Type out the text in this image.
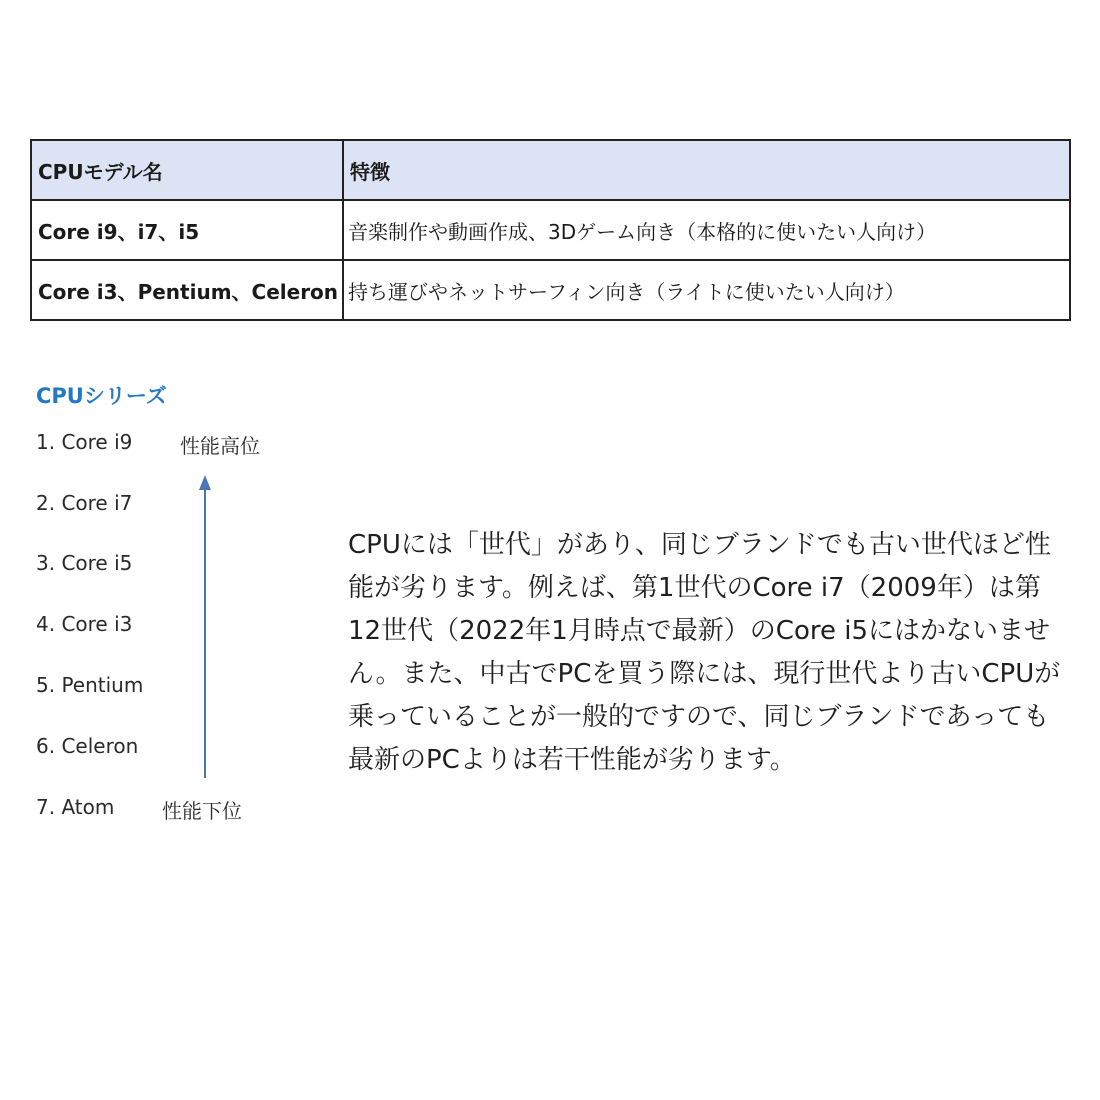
CPUモデル名	特徴
Core i9、i7、i5	音楽制作や動画作成、3Dゲーム向き（本格的に使いたい人向け）
Core i3、Pentium、Celeron	持ち運びやネットサーフィン向き（ライトに使いたい人向け）
CPUシリーズ
1. Core i9
2. Core i7
3. Core i5
4. Core i3
5. Pentium
6. Celeron
7. Atom
性能高位
性能下位

CPUには「世代」があり、同じブランドでも古い世代ほど性能が劣ります。例えば、第1世代のCore i7（2009年）は第12世代（2022年1月時点で最新）のCore i5にはかないません。また、中古でPCを買う際には、現行世代より古いCPUが乗っていることが一般的ですので、同じブランドであっても最新のPCよりは若干性能が劣ります。
